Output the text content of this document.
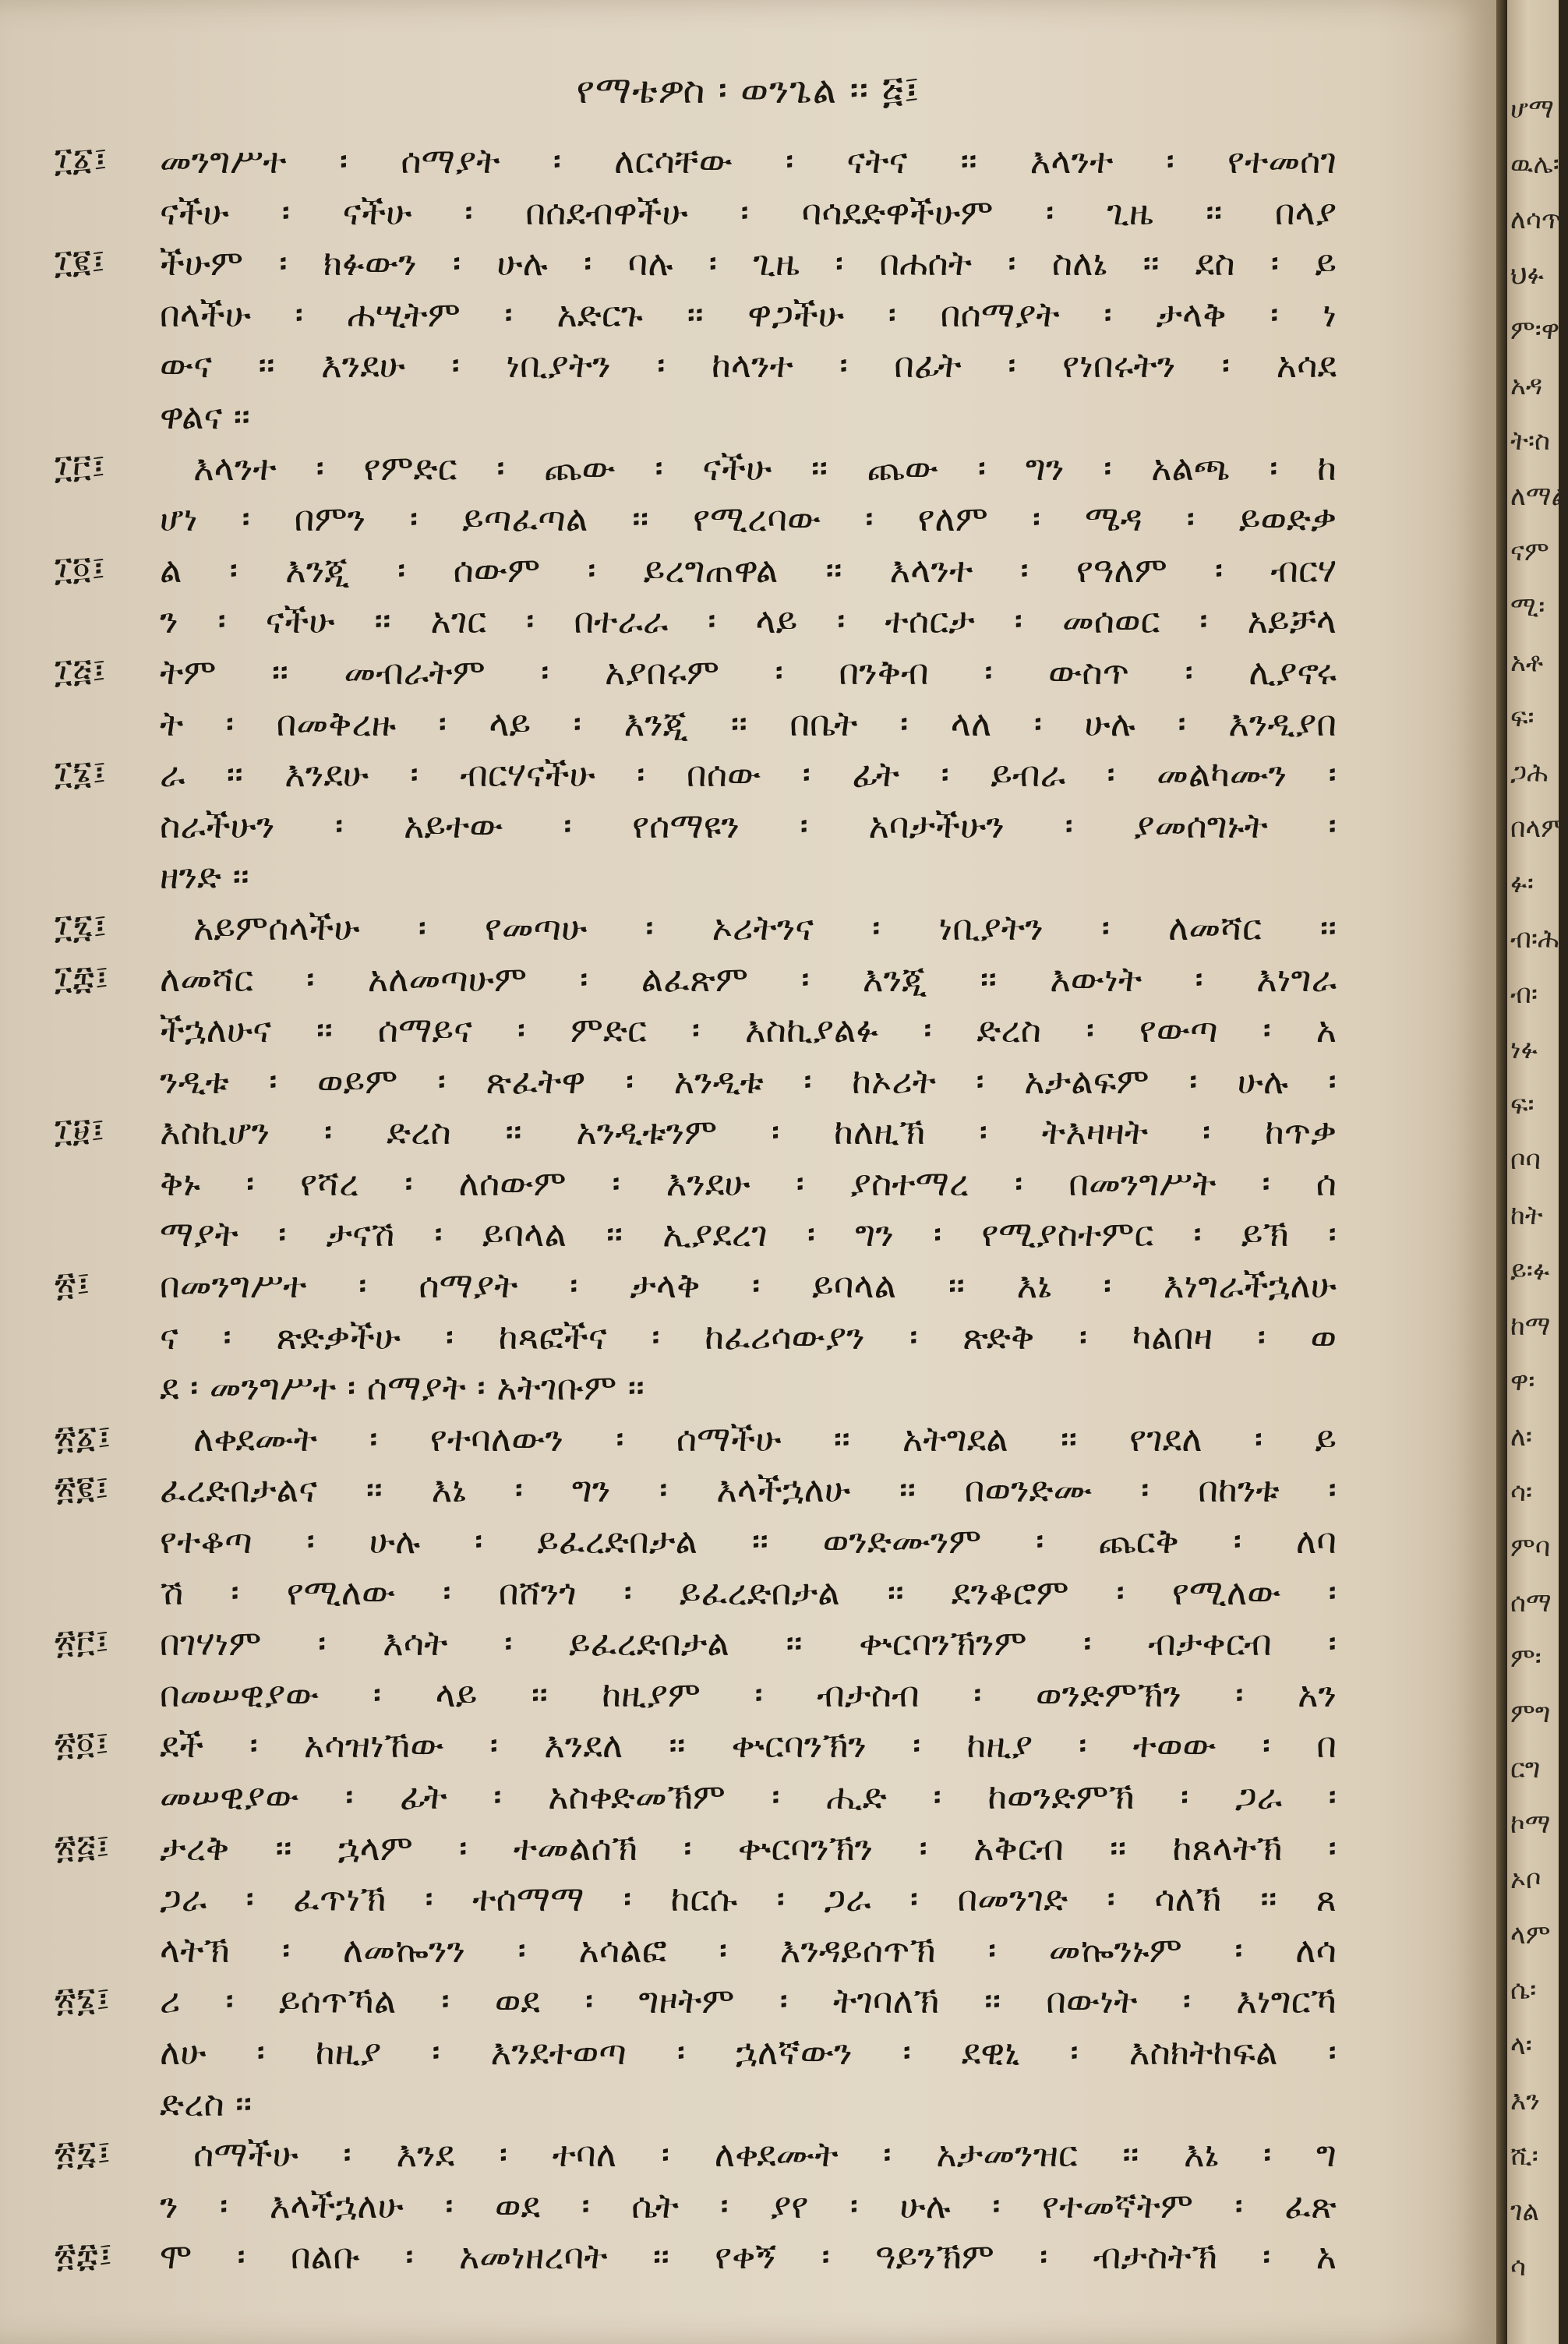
የማቴዎስ ፡ ወንጌል ፡፡ ፭፤
፲፩፤	መንግሥተ ፡ ሰማያት ፡ ለርሳቸው ፡ ናትና ፡፡ እላንተ ፡ የተመሰገ
ናችሁ ፡ ናችሁ ፡ በሰደብዋችሁ ፡ ባሳደድዋችሁም ፡ ጊዜ ፡፡ በላያ
፲፪፤	ችሁም ፡ ክፉውን ፡ ሁሉ ፡ ባሉ ፡ ጊዜ ፡ በሐሰት ፡ ስለኔ ፡፡ ደስ ፡ ይ
በላችሁ ፡ ሐሢትም ፡ አድርጉ ፡፡ ዋጋችሁ ፡ በሰማያት ፡ ታላቅ ፡ ነ
ውና ፡፡ እንደሁ ፡ ነቢያትን ፡ ከላንተ ፡ በፊት ፡ የነበሩትን ፡ አሳደ
ዋልና ፡፡
፲፫፤	እላንተ ፡ የምድር ፡ ጨው ፡ ናችሁ ፡፡ ጨው ፡ ግን ፡ አልጫ ፡ ከ
ሆነ ፡ በምን ፡ ይጣፈጣል ፡፡ የሚረባው ፡ የለም ፡ ሜዳ ፡ ይወድቃ
፲፬፤	ል ፡ እንጂ ፡ ሰውም ፡ ይረግጠዋል ፡፡ እላንተ ፡ የዓለም ፡ ብርሃ
ን ፡ ናችሁ ፡፡ አገር ፡ በተራራ ፡ ላይ ፡ ተሰርታ ፡ መሰወር ፡ አይቻላ
፲፭፤	ትም ፡፡ መብራትም ፡ አያበሩም ፡ በንቅብ ፡ ውስጥ ፡ ሊያኖሩ
ት ፡ በመቅረዙ ፡ ላይ ፡ እንጂ ፡፡ በቤት ፡ ላለ ፡ ሁሉ ፡ እንዲያበ
፲፮፤	ራ ፡፡ እንደሁ ፡ ብርሃናችሁ ፡ በሰው ፡ ፊት ፡ ይብራ ፡ መልካሙን ፡
ስራችሁን ፡ አይተው ፡ የሰማዩን ፡ አባታችሁን ፡ ያመሰግኑት ፡
ዘንድ ፡፡
፲፯፤	አይምሰላችሁ ፡ የመጣሁ ፡ ኦሪትንና ፡ ነቢያትን ፡ ለመሻር ፡፡
፲፰፤	ለመሻር ፡ አለመጣሁም ፡ ልፈጽም ፡ እንጂ ፡፡ እውነት ፡ እነግራ
ችኋለሁና ፡፡ ሰማይና ፡ ምድር ፡ እስኪያልፉ ፡ ድረስ ፡ የውጣ ፡ አ
ንዲቱ ፡ ወይም ፡ ጽፈትዋ ፡ አንዲቱ ፡ ከኦሪት ፡ አታልፍም ፡ ሁሉ ፡
፲፱፤	እስኪሆን ፡ ድረስ ፡፡ አንዲቱንም ፡ ከለዚኽ ፡ ትእዛዛት ፡ ከጥቃ
ቅኑ ፡ የሻረ ፡ ለሰውም ፡ እንደሁ ፡ ያስተማረ ፡ በመንግሥት ፡ ሰ
ማያት ፡ ታናሽ ፡ ይባላል ፡፡ ኢያደረገ ፡ ግን ፡ የሚያስተምር ፡ ይኽ ፡
፳፤	በመንግሥተ ፡ ሰማያት ፡ ታላቅ ፡ ይባላል ፡፡ እኔ ፡ እነግራችኋለሁ
ና ፡ ጽድቃችሁ ፡ ከጻፎችና ፡ ከፈሪሳውያን ፡ ጽድቅ ፡ ካልበዛ ፡ ወ
ደ ፡ መንግሥተ ፡ ሰማያት ፡ አትገቡም ፡፡
፳፩፤	ለቀደሙት ፡ የተባለውን ፡ ሰማችሁ ፡፡ አትግደል ፡፡ የገደለ ፡ ይ
፳፪፤	ፈረድበታልና ፡፡ እኔ ፡ ግን ፡ እላችኋለሁ ፡፡ በወንድሙ ፡ በከንቱ ፡
የተቆጣ ፡ ሁሉ ፡ ይፈረድበታል ፡፡ ወንድሙንም ፡ ጨርቅ ፡ ለባ
ሽ ፡ የሚለው ፡ በሸንጎ ፡ ይፈረድበታል ፡፡ ደንቆሮም ፡ የሚለው ፡
፳፫፤	በገሃነም ፡ እሳት ፡ ይፈረድበታል ፡፡ ቍርባንኽንም ፡ ብታቀርብ ፡
በመሠዊያው ፡ ላይ ፡፡ ከዚያም ፡ ብታስብ ፡ ወንድምኽን ፡ አን
፳፬፤	ደች ፡ አሳዝነኸው ፡ እንደለ ፡፡ ቍርባንኽን ፡ ከዚያ ፡ ተወው ፡ በ
መሠዊያው ፡ ፊት ፡ አስቀድመኽም ፡ ሒድ ፡ ከወንድምኽ ፡ ጋራ ፡
፳፭፤	ታረቅ ፡፡ ኋላም ፡ ተመልሰኽ ፡ ቍርባንኽን ፡ አቅርብ ፡፡ ከጸላትኽ ፡
ጋራ ፡ ፈጥነኽ ፡ ተሰማማ ፡ ከርሱ ፡ ጋራ ፡ በመንገድ ፡ ሳለኽ ፡፡ ጸ
ላትኽ ፡ ለመኰንን ፡ አሳልፎ ፡ እንዳይሰጥኽ ፡ መኰንኑም ፡ ለሳ
፳፮፤	ሪ ፡ ይሰጥኻል ፡ ወደ ፡ ግዞትም ፡ ትገባለኽ ፡፡ በውነት ፡ እነግርኻ
ለሁ ፡ ከዚያ ፡ እንደተወጣ ፡ ኋለኛውን ፡ ደዊኒ ፡ እስክትከፍል ፡
ድረስ ፡፡
፳፯፤	ሰማችሁ ፡ እንደ ፡ ተባለ ፡ ለቀደሙት ፡ አታመንዝር ፡፡ እኔ ፡ ግ
ን ፡ እላችኋለሁ ፡ ወደ ፡ ሴት ፡ ያየ ፡ ሁሉ ፡ የተመኛትም ፡ ፈጽ
፳፰፤	ሞ ፡ በልቡ ፡ አመነዘረባት ፡፡ የቀኝ ፡ ዓይንኽም ፡ ብታስትኽ ፡ አ
ሆማ
ዉሌ፡
ለሳጥ
ህፉ
ም፡ዋ
አዳ
ት፡ስ
ለማል
ናም
ሚ፡
አቶ
ፍ፡
ጋሕ
በላም
ፉ፡
ብ፡ሕ
ብ፡
ነፉ
ፍ፡
ቦባ
ከት
ይ፡ፉ
ከማ
ዋ፡
ለ፡
ሳ፡
ምባ
ሰማ
ም፡
ምግ
ርግ
ኮማ
ኦቦ
ላም
ሴ፡
ላ፡
እን
ሺ፡
ገል
ሳ
